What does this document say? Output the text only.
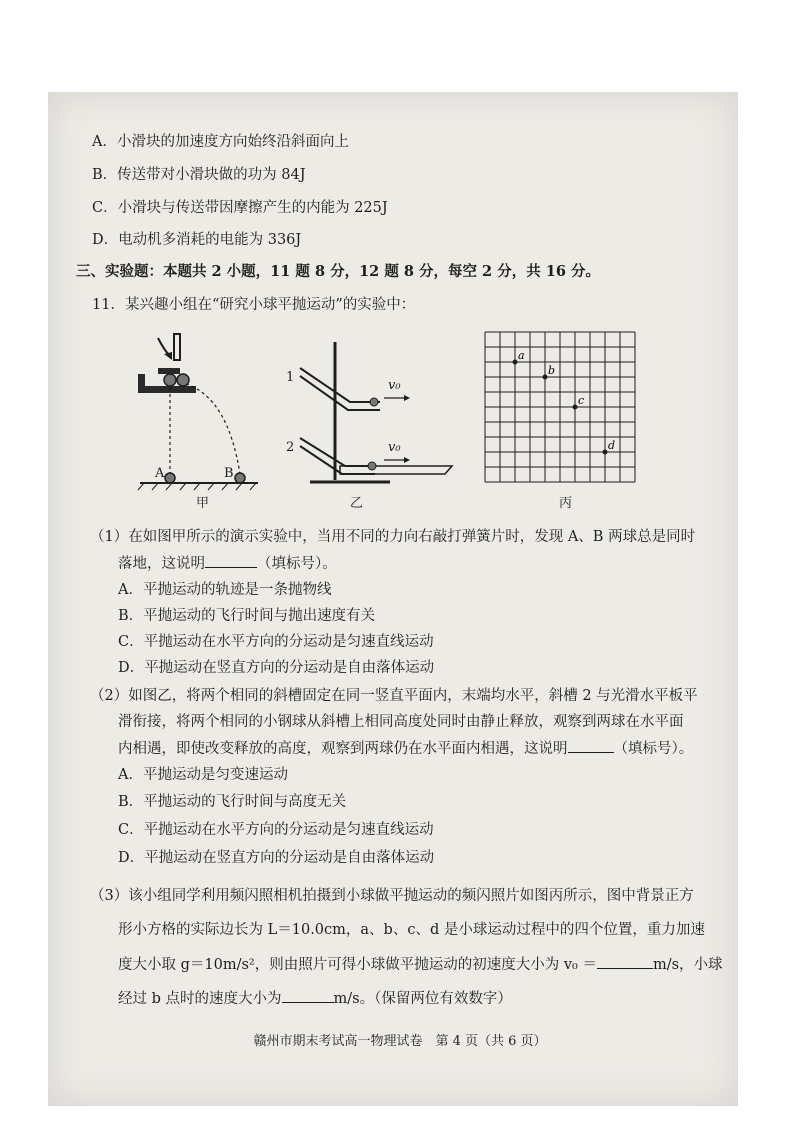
A．小滑块的加速度方向始终沿斜面向上
B．传送带对小滑块做的功为 84J
C．小滑块与传送带因摩擦产生的内能为 225J
D．电动机多消耗的电能为 336J
三、实验题：本题共 2 小题，11 题 8 分，12 题 8 分，每空 2 分，共 16 分。
11．某兴趣小组在“研究小球平抛运动”的实验中：
A	B
甲
1
2
v₀
v₀
乙
a
b
c
d
丙
（1）在如图甲所示的演示实验中，当用不同的力向右敲打弹簧片时，发现 A、B 两球总是同时
落地，这说明	（填标号）。
A．平抛运动的轨迹是一条抛物线
B．平抛运动的飞行时间与抛出速度有关
C．平抛运动在水平方向的分运动是匀速直线运动
D．平抛运动在竖直方向的分运动是自由落体运动
（2）如图乙，将两个相同的斜槽固定在同一竖直平面内，末端均水平，斜槽 2 与光滑水平板平
滑衔接，将两个相同的小钢球从斜槽上相同高度处同时由静止释放，观察到两球在水平面
内相遇，即使改变释放的高度，观察到两球仍在水平面内相遇，这说明	（填标号）。
A．平抛运动是匀变速运动
B．平抛运动的飞行时间与高度无关
C．平抛运动在水平方向的分运动是匀速直线运动
D．平抛运动在竖直方向的分运动是自由落体运动
（3）该小组同学利用频闪照相机拍摄到小球做平抛运动的频闪照片如图丙所示，图中背景正方
形小方格的实际边长为 L＝10.0cm，a、b、c、d 是小球运动过程中的四个位置，重力加速
度大小取 g＝10m/s²，则由照片可得小球做平抛运动的初速度大小为 v₀ ＝	m/s，小球
经过 b 点时的速度大小为	m/s。（保留两位有效数字）
赣州市期末考试高一物理试卷　第 4 页（共 6 页）
